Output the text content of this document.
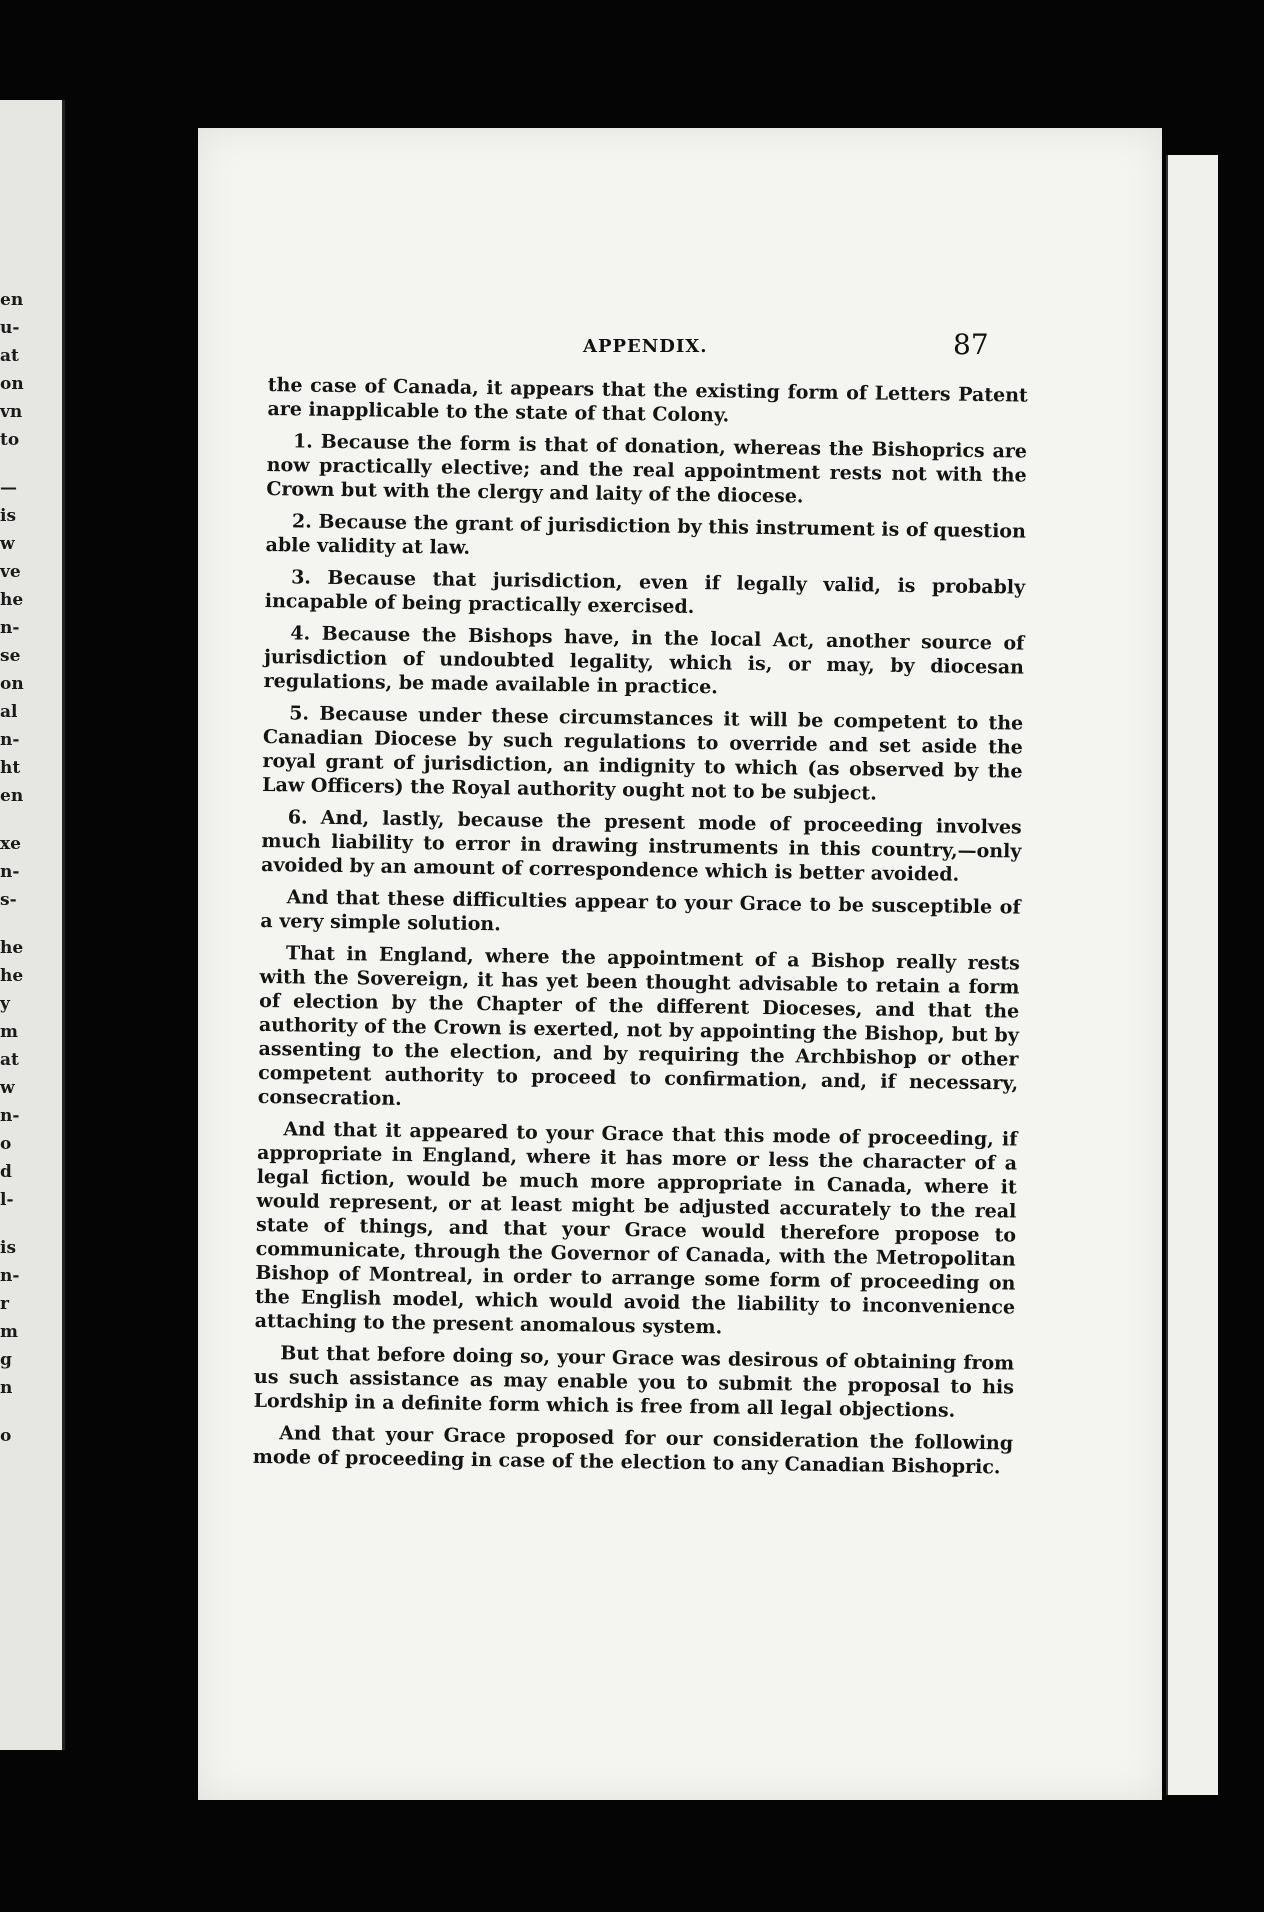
en
u-
at
on
vn
to
—
is
w
ve
he
n-
se
on
al
n-
ht
en
xe
n-
s-
he
he
y
m
at
w
n-
o
d
l-
is
n-
r
m
g
n
o
APPENDIX.	87

the case of Canada, it appears that the existing form of Letters Patent are inapplicable to the state of that Colony.

1. Because the form is that of donation, whereas the Bishoprics are now practically elective; and the real appointment rests not with the Crown but with the clergy and laity of the diocese.

2. Because the grant of jurisdiction by this instrument is of question able validity at law.

3. Because that jurisdiction, even if legally valid, is probably incapable of being practically exercised.

4. Because the Bishops have, in the local Act, another source of jurisdiction of undoubted legality, which is, or may, by diocesan regulations, be made available in practice.

5. Because under these circumstances it will be competent to the Canadian Diocese by such regulations to override and set aside the royal grant of jurisdiction, an indignity to which (as observed by the Law Officers) the Royal authority ought not to be subject.

6. And, lastly, because the present mode of proceeding involves much liability to error in drawing instruments in this country,—only avoided by an amount of correspondence which is better avoided.

And that these difficulties appear to your Grace to be susceptible of a very simple solution.

That in England, where the appointment of a Bishop really rests with the Sovereign, it has yet been thought advisable to retain a form of election by the Chapter of the different Dioceses, and that the authority of the Crown is exerted, not by appointing the Bishop, but by assenting to the election, and by requiring the Archbishop or other competent authority to proceed to confirmation, and, if necessary, consecration.

And that it appeared to your Grace that this mode of proceeding, if appropriate in England, where it has more or less the character of a legal fiction, would be much more appropriate in Canada, where it would represent, or at least might be adjusted accurately to the real state of things, and that your Grace would therefore propose to communicate, through the Governor of Canada, with the Metropolitan Bishop of Montreal, in order to arrange some form of proceeding on the English model, which would avoid the liability to inconvenience attaching to the present anomalous system.

But that before doing so, your Grace was desirous of obtaining from us such assistance as may enable you to submit the proposal to his Lordship in a definite form which is free from all legal objections.

And that your Grace proposed for our consideration the following mode of proceeding in case of the election to any Canadian Bishopric.
